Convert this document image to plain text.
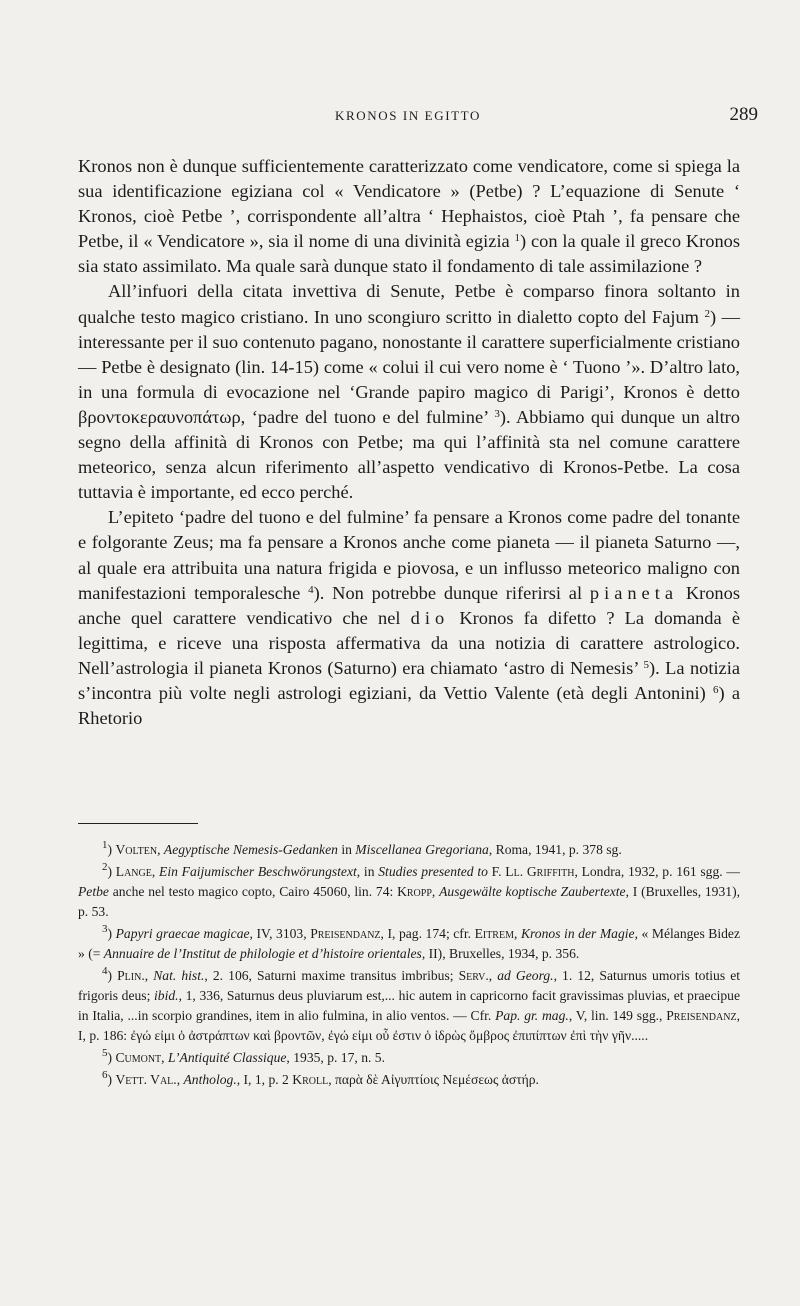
KRONOS IN EGITTO	289

Kronos non è dunque sufficientemente caratterizzato come vendicatore, come si spiega la sua identificazione egiziana col « Vendicatore » (Petbe) ? L’equazione di Senute ‘ Kronos, cioè Petbe ’, corrispondente all’altra ‘ Hephaistos, cioè Ptah ’, fa pensare che Petbe, il « Vendicatore », sia il nome di una divinità egizia $^1$) con la quale il greco Kronos sia stato assimilato. Ma quale sarà dunque stato il fondamento di tale assimilazione ?

All’infuori della citata invettiva di Senute, Petbe è comparso finora soltanto in qualche testo magico cristiano. In uno scongiuro scritto in dialetto copto del Fajum $^2$) — interessante per il suo contenuto pagano, nonostante il carattere superficialmente cristiano — Petbe è designato (lin. 14-15) come « colui il cui vero nome è ‘ Tuono ’». D’altro lato, in una formula di evocazione nel ‘Grande papiro magico di Parigi’, Kronos è detto βροντοκεραυνοπάτωρ, ‘padre del tuono e del fulmine’ $^3$). Abbiamo qui dunque un altro segno della affinità di Kronos con Petbe; ma qui l’affinità sta nel comune carattere meteorico, senza alcun riferimento all’aspetto vendicativo di Kronos-Petbe. La cosa tuttavia è importante, ed ecco perché.

L’epiteto ‘padre del tuono e del fulmine’ fa pensare a Kronos come padre del tonante e folgorante Zeus; ma fa pensare a Kronos anche come pianeta — il pianeta Saturno —, al quale era attribuita una natura frigida e piovosa, e un influsso meteorico maligno con manifestazioni temporalesche $^4$). Non potrebbe dunque riferirsi al pianeta Kronos anche quel carattere vendicativo che nel dio Kronos fa difetto ? La domanda è legittima, e riceve una risposta affermativa da una notizia di carattere astrologico. Nell’astrologia il pianeta Kronos (Saturno) era chiamato ‘astro di Nemesis’ $^5$). La notizia s’incontra più volte negli astrologi egiziani, da Vettio Valente (età degli Antonini) $^6$) a Rhetorio

$^1$) Volten, Aegyptische Nemesis-Gedanken in Miscellanea Gregoriana, Roma, 1941, p. 378 sg.

$^2$) Lange, Ein Faijumischer Beschwörungstext, in Studies presented to F. Ll. Griffith, Londra, 1932, p. 161 sgg. — Petbe anche nel testo magico copto, Cairo 45060, lin. 74: Kropp, Ausgewälte koptische Zaubertexte, I (Bruxelles, 1931), p. 53.

$^3$) Papyri graecae magicae, IV, 3103, Preisendanz, I, pag. 174; cfr. Eitrem, Kronos in der Magie, « Mélanges Bidez » (= Annuaire de l’Institut de philologie et d’histoire orientales, II), Bruxelles, 1934, p. 356.

$^4$) Plin., Nat. hist., 2. 106, Saturni maxime transitus imbribus; Serv., ad Georg., 1. 12, Saturnus umoris totius et frigoris deus; ibid., 1, 336, Saturnus deus pluviarum est,... hic autem in capricorno facit gravissimas pluvias, et praecipue in Italia, ...in scorpio grandines, item in alio fulmina, in alio ventos. — Cfr. Pap. gr. mag., V, lin. 149 sgg., Preisendanz, I, p. 186: ἐγώ εἰμι ὁ ἀστράπτων καὶ βροντῶν, ἐγώ εἰμι οὗ ἐστιν ὁ ἱδρὼς ὄμβρος ἐπιπίπτων ἐπὶ τὴν γῆν.....

$^5$) Cumont, L’Antiquité Classique, 1935, p. 17, n. 5.

$^6$) Vett. Val., Antholog., I, 1, p. 2 Kroll, παρὰ δὲ Αἰγυπτίοις Νεμέσεως ἀστήρ.
